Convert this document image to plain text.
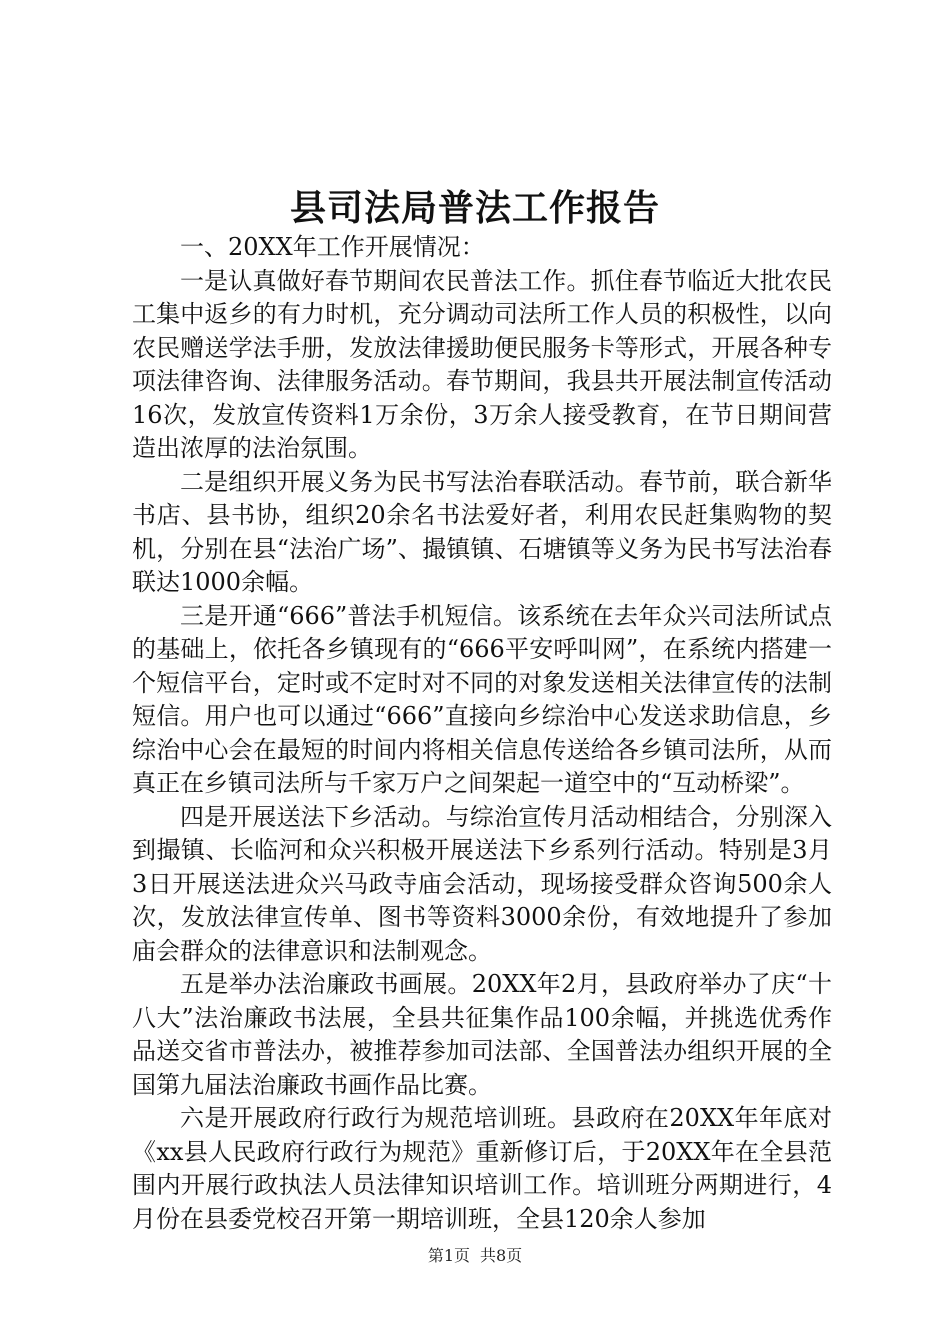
县司法局普法工作报告

一、20XX年工作开展情况：

一是认真做好春节期间农民普法工作。抓住春节临近大批农民工集中返乡的有力时机，充分调动司法所工作人员的积极性，以向农民赠送学法手册，发放法律援助便民服务卡等形式，开展各种专项法律咨询、法律服务活动。春节期间，我县共开展法制宣传活动16次，发放宣传资料1万余份，3万余人接受教育，在节日期间营造出浓厚的法治氛围。

二是组织开展义务为民书写法治春联活动。春节前，联合新华书店、县书协，组织20余名书法爱好者，利用农民赶集购物的契机，分别在县“法治广场”、撮镇镇、石塘镇等义务为民书写法治春联达1000余幅。

三是开通“666”普法手机短信。该系统在去年众兴司法所试点的基础上，依托各乡镇现有的“666平安呼叫网”，在系统内搭建一个短信平台，定时或不定时对不同的对象发送相关法律宣传的法制短信。用户也可以通过“666”直接向乡综治中心发送求助信息，乡综治中心会在最短的时间内将相关信息传送给各乡镇司法所，从而真正在乡镇司法所与千家万户之间架起一道空中的“互动桥梁”。

四是开展送法下乡活动。与综治宣传月活动相结合，分别深入到撮镇、长临河和众兴积极开展送法下乡系列行活动。特别是3月3日开展送法进众兴马政寺庙会活动，现场接受群众咨询500余人次，发放法律宣传单、图书等资料3000余份，有效地提升了参加庙会群众的法律意识和法制观念。

五是举办法治廉政书画展。20XX年2月，县政府举办了庆“十八大”法治廉政书法展，全县共征集作品100余幅，并挑选优秀作品送交省市普法办，被推荐参加司法部、全国普法办组织开展的全国第九届法治廉政书画作品比赛。

六是开展政府行政行为规范培训班。县政府在20XX年年底对《xx县人民政府行政行为规范》重新修订后，于20XX年在全县范围内开展行政执法人员法律知识培训工作。培训班分两期进行，4月份在县委党校召开第一期培训班，全县120余人参加

第1页 共8页
